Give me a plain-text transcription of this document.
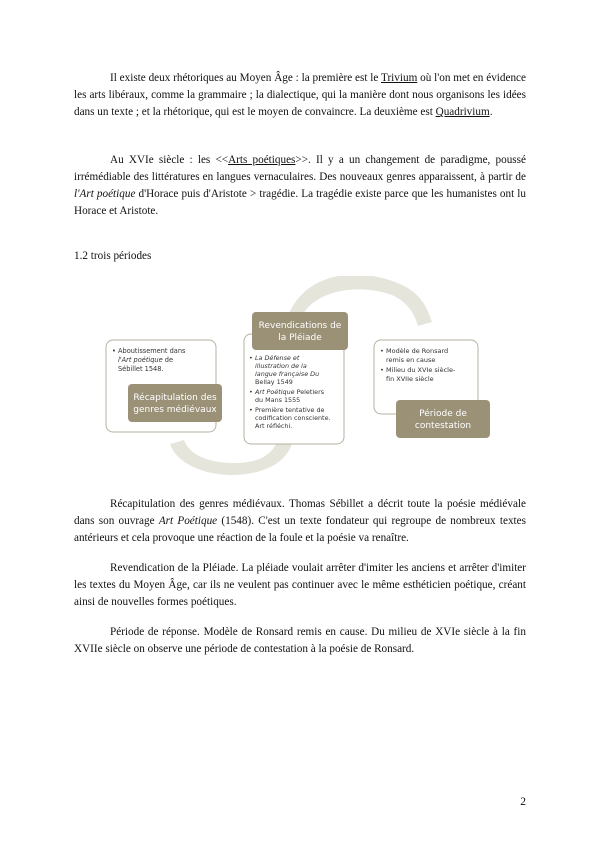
Il existe deux rhétoriques au Moyen Âge : la première est le Trivium où l'on met en évidence les arts libéraux, comme la grammaire ; la dialectique, qui la manière dont nous organisons les idées dans un texte ; et la rhétorique, qui est le moyen de convaincre. La deuxième est Quadrivium.

Au XVIe siècle : les <<Arts poétiques>>. Il y a un changement de paradigme, poussé irrémédiable des littératures en langues vernaculaires. Des nouveaux genres apparaissent, à partir de l'Art poétique d'Horace puis d'Aristote > tragédie. La tragédie existe parce que les humanistes ont lu Horace et Aristote.

1.2 trois périodes

• Aboutissement dans
l'Art poétique de
Sébillet 1548.
Récapitulation des
genres médiévaux
• La Défense et
illustration de la
langue française Du
Bellay 1549
• Art Poétique Peletiers
du Mans 1555
• Première tentative de
codification consciente.
Art réfléchi.
Revendications de
la Pléiade
• Modèle de Ronsard
remis en cause
• Milieu du XVIe siècle-
fin XVIIe siècle
Période de
contestation

Récapitulation des genres médiévaux. Thomas Sébillet a décrit toute la poésie médiévale dans son ouvrage Art Poétique (1548). C'est un texte fondateur qui regroupe de nombreux textes antérieurs et cela provoque une réaction de la foule et la poésie va renaître.

Revendication de la Pléiade. La pléiade voulait arrêter d'imiter les anciens et arrêter d'imiter les textes du Moyen Âge, car ils ne veulent pas continuer avec le même esthéticien poétique, créant ainsi de nouvelles formes poétiques.

Période de réponse. Modèle de Ronsard remis en cause. Du milieu de XVIe siècle à la fin XVIIe siècle on observe une période de contestation à la poésie de Ronsard.

2
